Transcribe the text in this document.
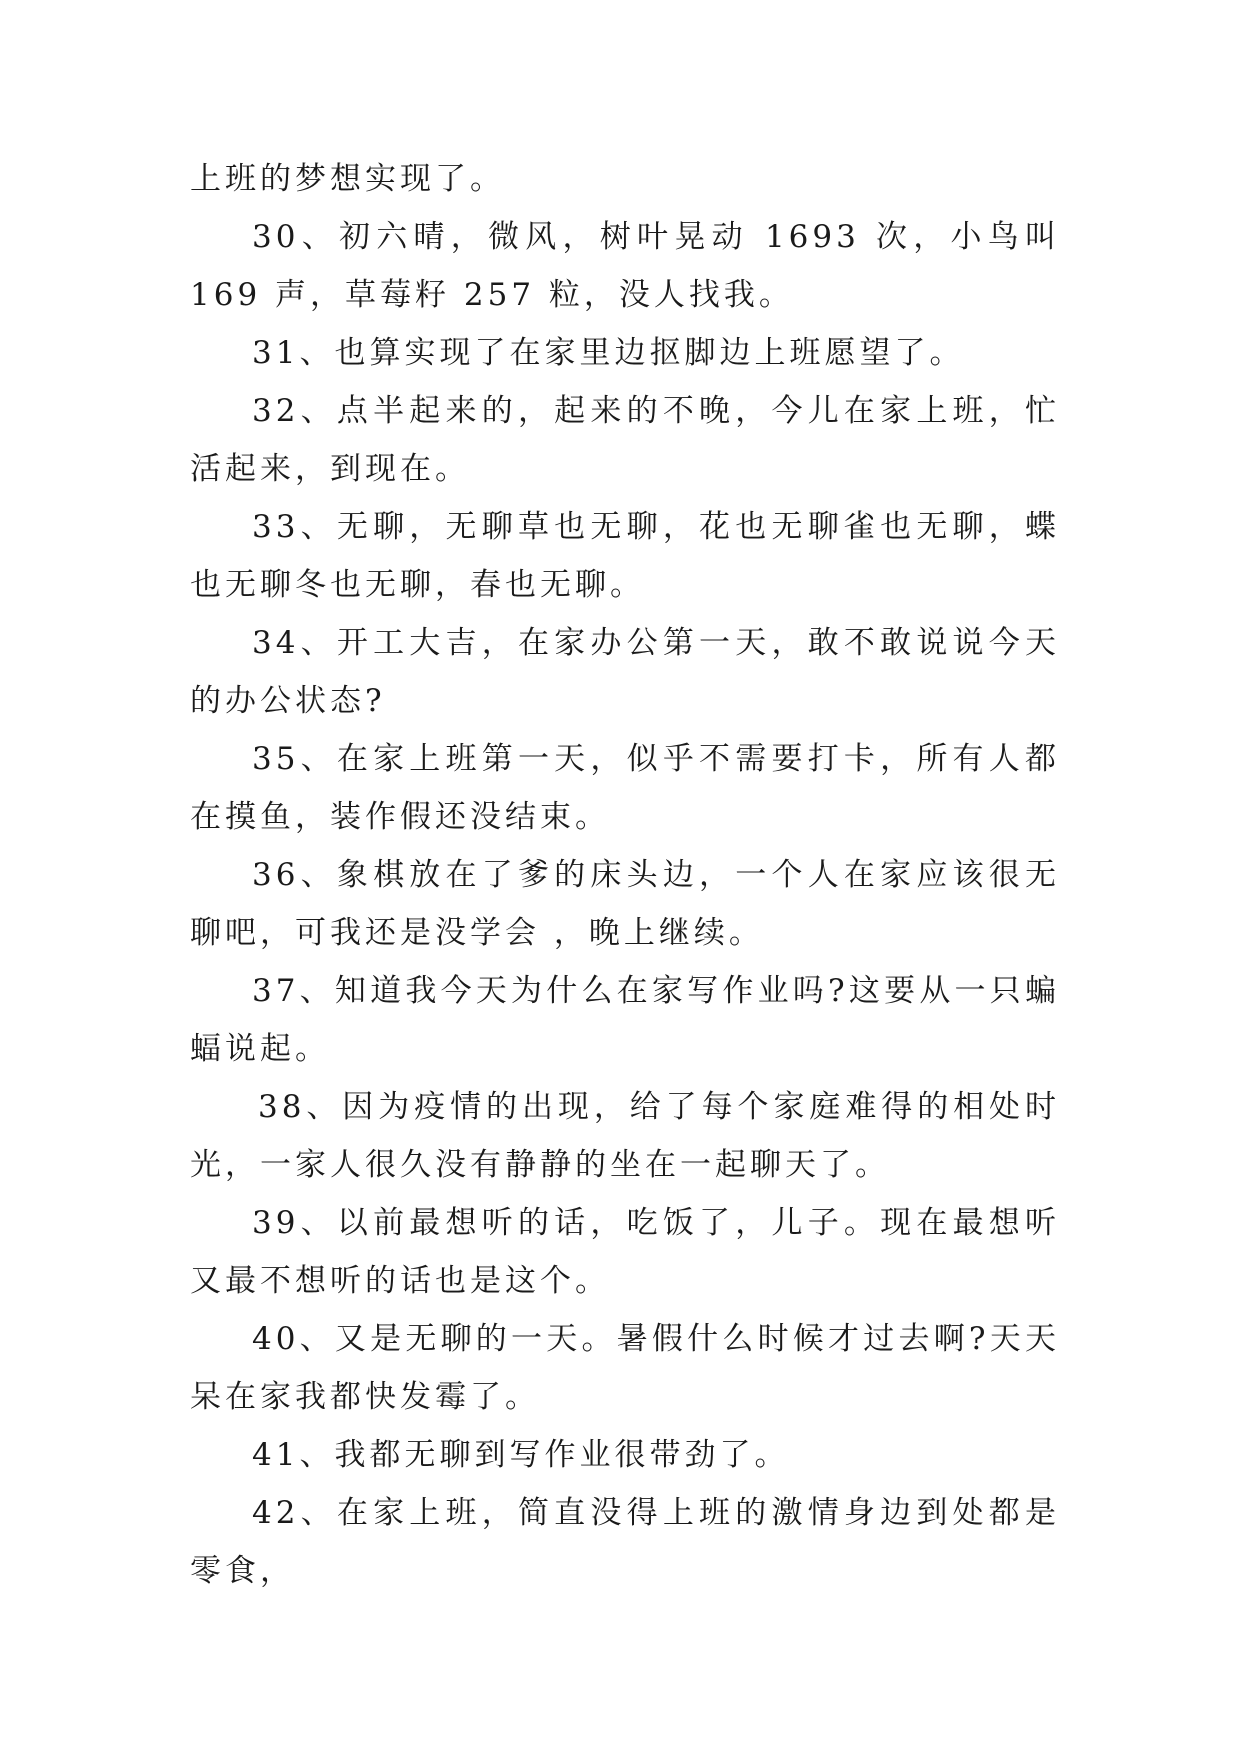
上班的梦想实现了。

30、初六晴，微风，树叶晃动 1693 次，小鸟叫 169 声，草莓籽 257 粒，没人找我。

31、也算实现了在家里边抠脚边上班愿望了。

32、点半起来的，起来的不晚，今儿在家上班，忙活起来，到现在。

33、无聊，无聊草也无聊，花也无聊雀也无聊，蝶也无聊冬也无聊，春也无聊。

34、开工大吉，在家办公第一天，敢不敢说说今天的办公状态?

35、在家上班第一天，似乎不需要打卡，所有人都在摸鱼，装作假还没结束。

36、象棋放在了爹的床头边，一个人在家应该很无聊吧，可我还是没学会 ，晚上继续。

37、知道我今天为什么在家写作业吗?这要从一只蝙蝠说起。

38、因为疫情的出现，给了每个家庭难得的相处时光，一家人很久没有静静的坐在一起聊天了。

39、以前最想听的话，吃饭了，儿子。现在最想听又最不想听的话也是这个。

40、又是无聊的一天。暑假什么时候才过去啊?天天呆在家我都快发霉了。

41、我都无聊到写作业很带劲了。

42、在家上班，简直没得上班的激情身边到处都是零食，
